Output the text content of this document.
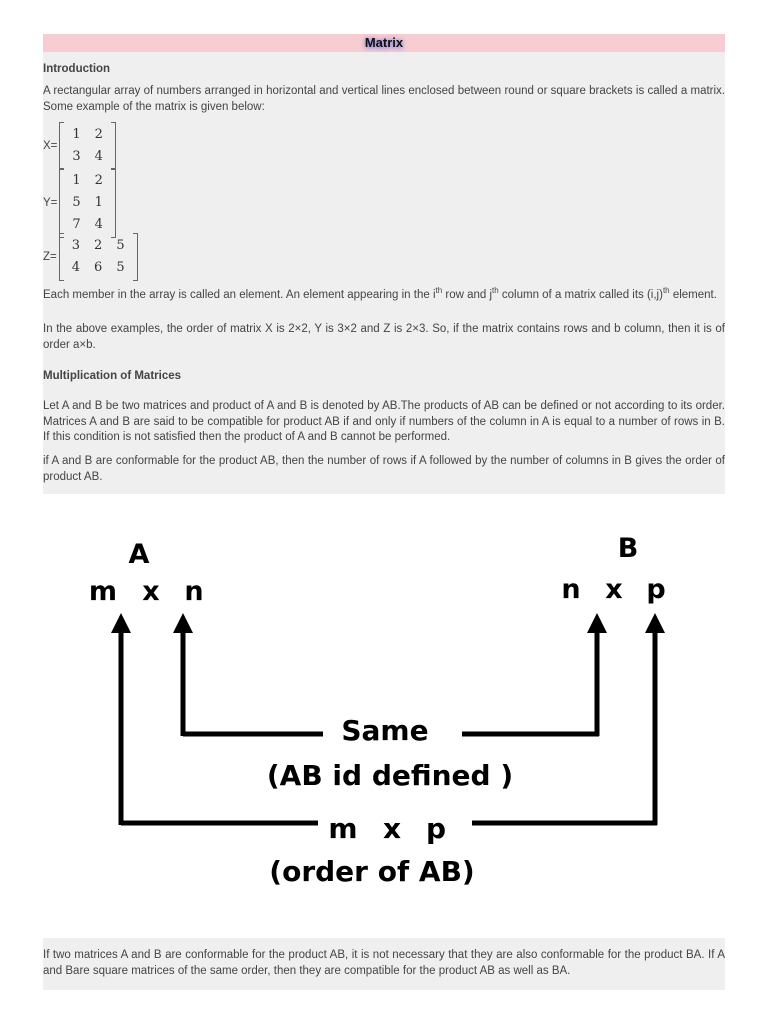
Matrix
Introduction

A rectangular array of numbers arranged in horizontal and vertical lines enclosed between round or square brackets is called a matrix. Some example of the matrix is given below:

X=
1	2
3	4
Y=
1	2
5	1
7	4
Z=
3	2	5
4	6	5

Each member in the array is called an element. An element appearing in the $i^{th}$ row and $j^{th}$ column of a matrix called its $(i,j)^{th}$ element.

In the above examples, the order of matrix X is 2×2, Y is 3×2 and Z is 2×3. So, if the matrix contains rows and b column, then it is of order a×b.

Multiplication of Matrices

Let A and B be two matrices and product of A and B is denoted by AB.The products of AB can be defined or not according to its order. Matrices A and B are said to be compatible for product AB if and only if numbers of the column in A is equal to a number of rows in B. If this condition is not satisfied then the product of A and B cannot be performed.

if A and B are conformable for the product AB, then the number of rows if A followed by the number of columns in B gives the order of product AB.

A	B
m x n	n x p
Same
(AB id defined )
m x p
(order of AB)

If two matrices A and B are conformable for the product AB, it is not necessary that they are also conformable for the product BA. If A and Bare square matrices of the same order, then they are compatible for the product AB as well as BA.
